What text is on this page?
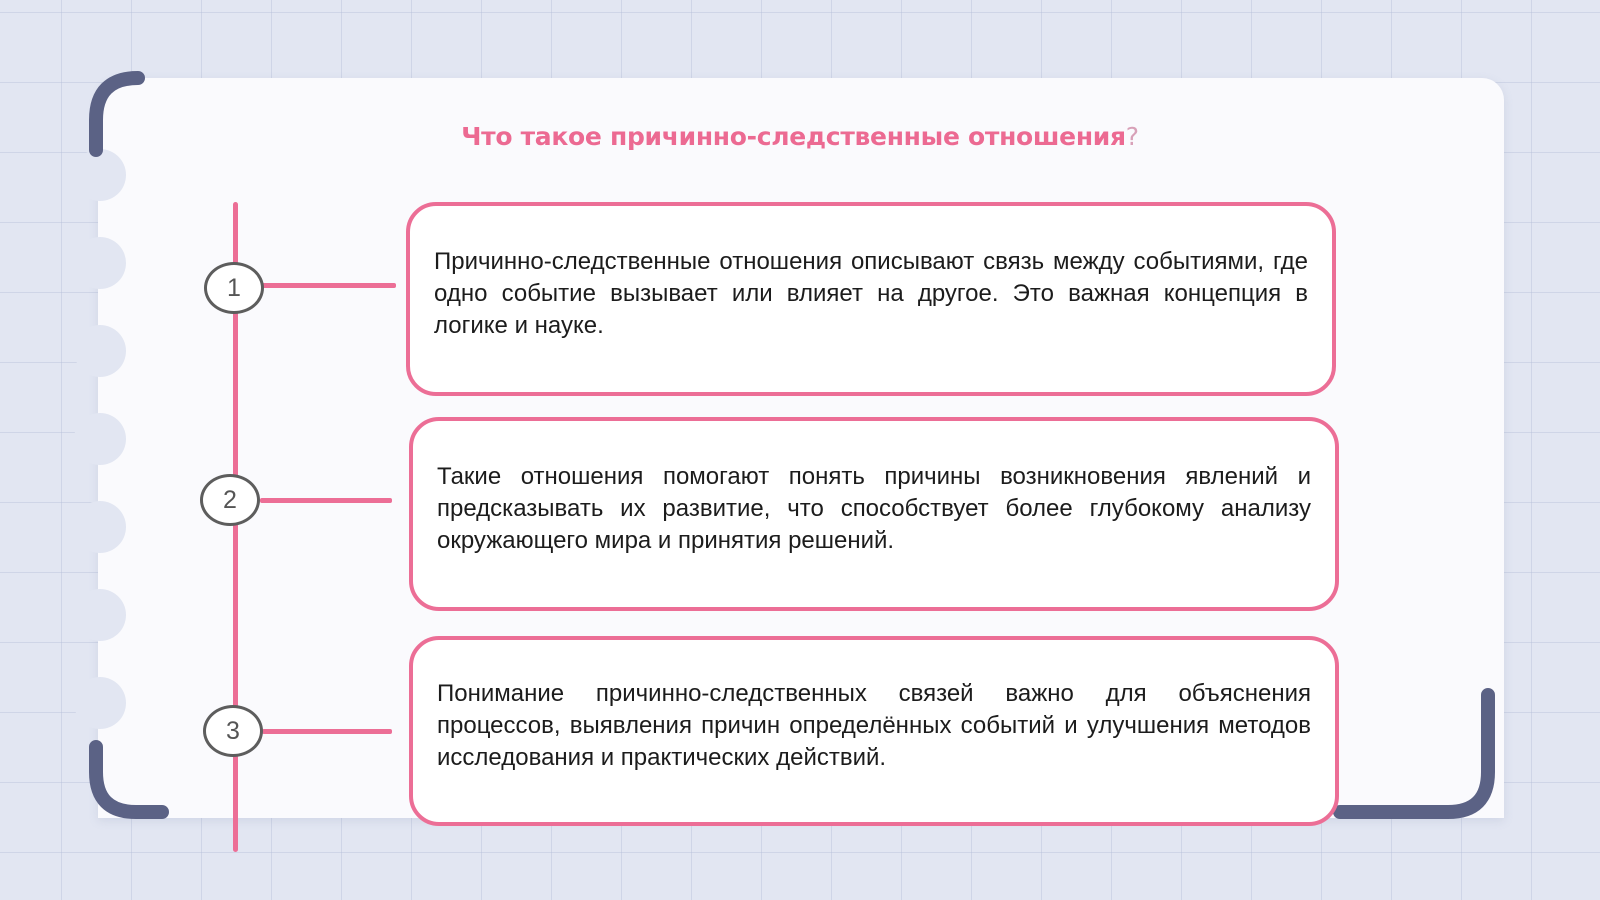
Что такое причинно-следственные отношения?
1
2
3

Причинно-следственные отношения описывают связь между событиями, где одно событие вызывает или влияет на другое. Это важная концепция в логике и науке.

Такие отношения помогают понять причины возникновения явлений и предсказывать их развитие, что способствует более глубокому анализу окружающего мира и принятия решений.

Понимание причинно-следственных связей важно для объяснения процессов, выявления причин определённых событий и улучшения методов исследования и практических действий.
